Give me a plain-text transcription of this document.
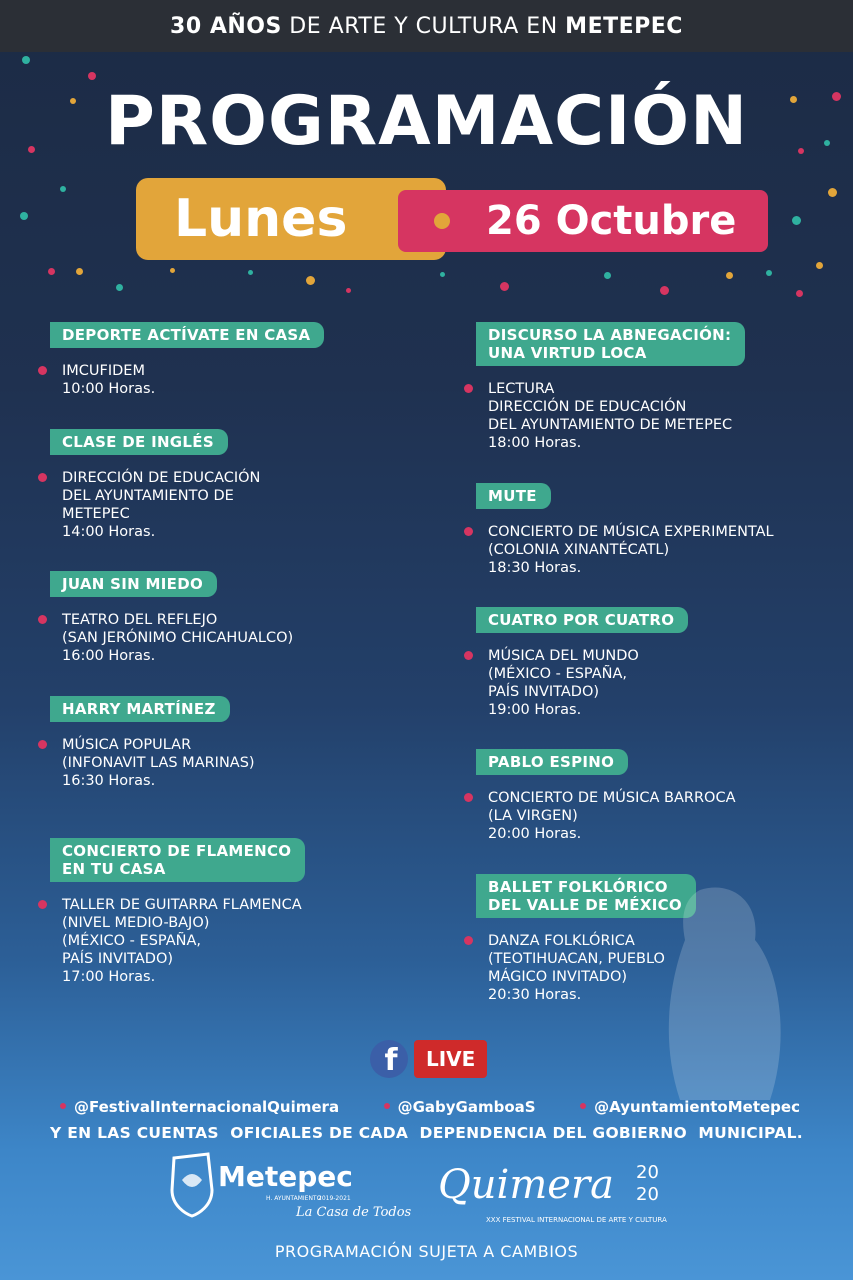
30 AÑOS DE ARTE Y CULTURA EN METEPEC
PROGRAMACIÓN
Lunes	26 Octubre
DEPORTE ACTÍVATE EN CASA
IMCUFIDEM
10:00 Horas.
CLASE DE INGLÉS
DIRECCIÓN DE EDUCACIÓN
DEL AYUNTAMIENTO DE
METEPEC
14:00 Horas.
JUAN SIN MIEDO
TEATRO DEL REFLEJO
(SAN JERÓNIMO CHICAHUALCO)
16:00 Horas.
HARRY MARTÍNEZ
MÚSICA POPULAR
(INFONAVIT LAS MARINAS)
16:30 Horas.
CONCIERTO DE FLAMENCO
EN TU CASA
TALLER DE GUITARRA FLAMENCA
(NIVEL MEDIO-BAJO)
(MÉXICO - ESPAÑA,
PAÍS INVITADO)
17:00 Horas.
DISCURSO LA ABNEGACIÓN:
UNA VIRTUD LOCA
LECTURA
DIRECCIÓN DE EDUCACIÓN
DEL AYUNTAMIENTO DE METEPEC
18:00 Horas.
MUTE
CONCIERTO DE MÚSICA EXPERIMENTAL
(COLONIA XINANTÉCATL)
18:30 Horas.
CUATRO POR CUATRO
MÚSICA DEL MUNDO
(MÉXICO - ESPAÑA,
PAÍS INVITADO)
19:00 Horas.
PABLO ESPINO
CONCIERTO DE MÚSICA BARROCA
(LA VIRGEN)
20:00 Horas.
BALLET FOLKLÓRICO
DEL VALLE DE MÉXICO
DANZA FOLKLÓRICA
(TEOTIHUACAN, PUEBLO
MÁGICO INVITADO)
20:30 Horas.
f	LIVE
@FestivalInternacionalQuimera	@GabyGamboaS	@AyuntamientoMetepec
Y EN LAS CUENTAS  OFICIALES DE CADA  DEPENDENCIA DEL GOBIERNO  MUNICIPAL.
Metepec
H. AYUNTAMIENTO
2019-2021
La Casa de Todos
Quimera 20
20
XXX FESTIVAL INTERNACIONAL DE ARTE Y CULTURA
PROGRAMACIÓN SUJETA A CAMBIOS
